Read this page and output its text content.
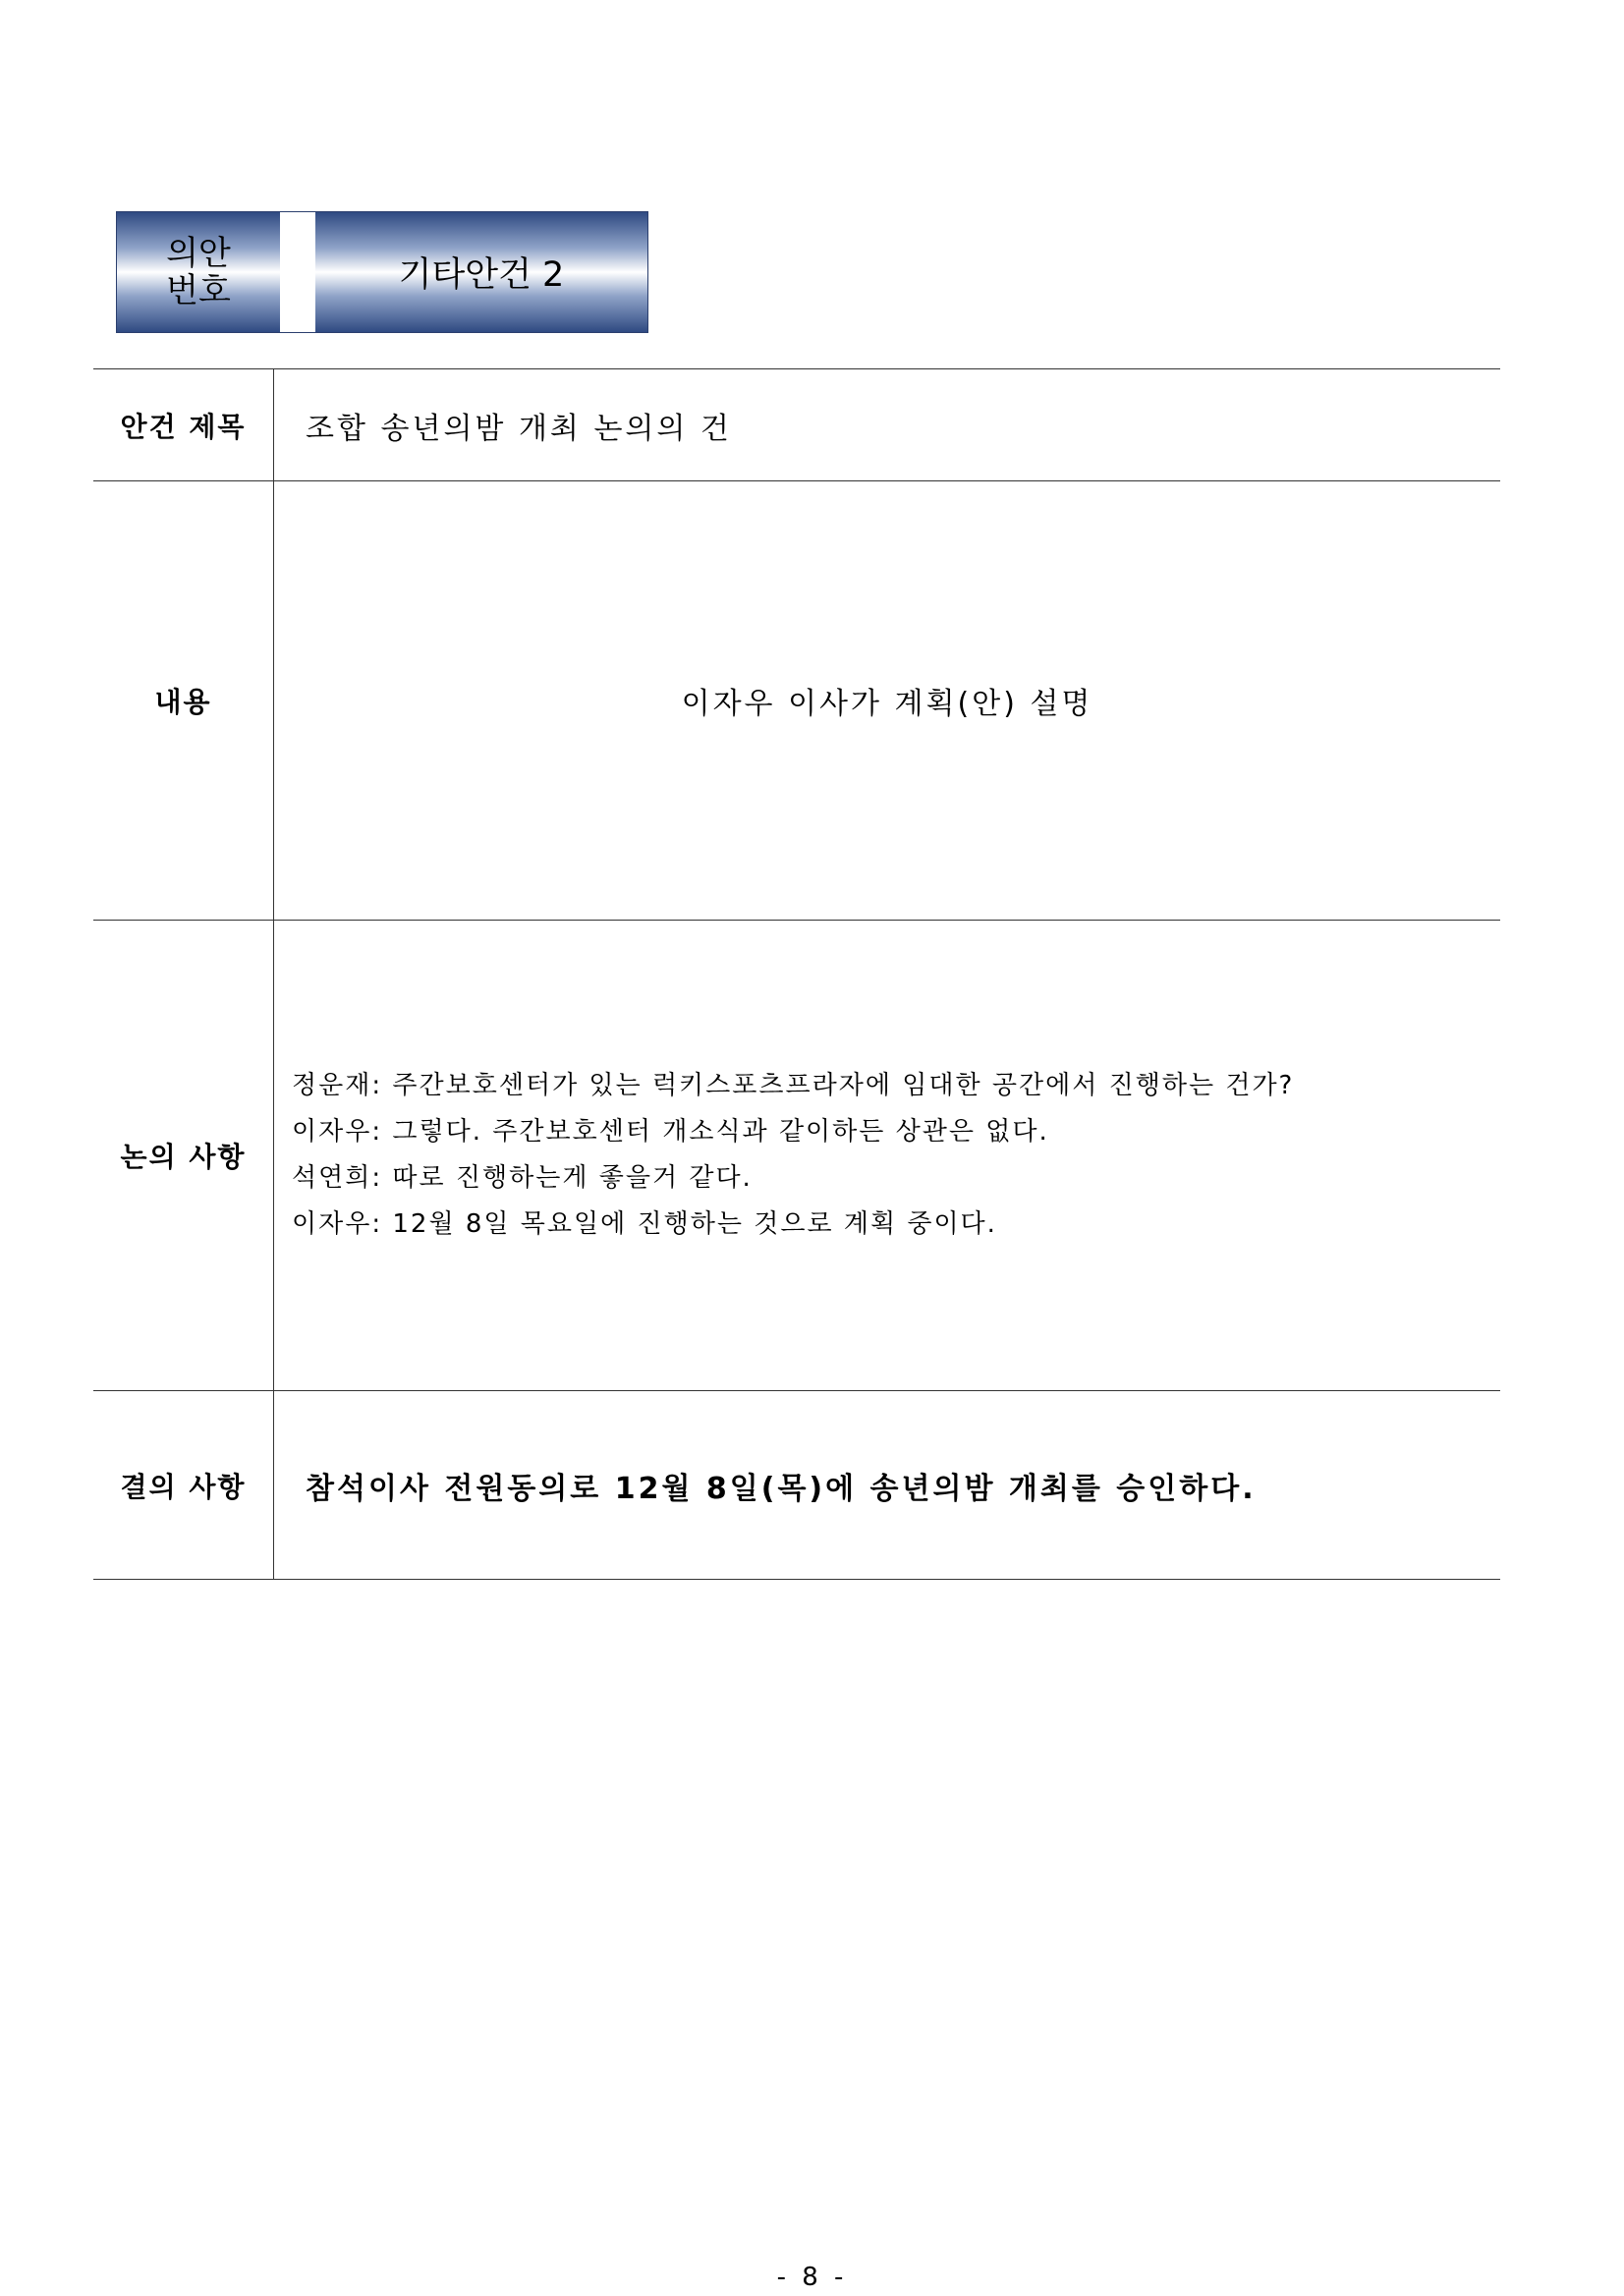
의안
번호	기타안건 2
안건 제목	조합 송년의밤 개최 논의의 건
내용	이자우 이사가 계획(안) 설명
논의 사항	정운재: 주간보호센터가 있는 럭키스포츠프라자에 임대한 공간에서 진행하는 건가?
이자우: 그렇다. 주간보호센터 개소식과 같이하든 상관은 없다.
석연희: 따로 진행하는게 좋을거 같다.
이자우: 12월 8일 목요일에 진행하는 것으로 계획 중이다.

결의 사항	참석이사 전원동의로 12월 8일(목)에 송년의밤 개최를 승인하다.
- 8 -
